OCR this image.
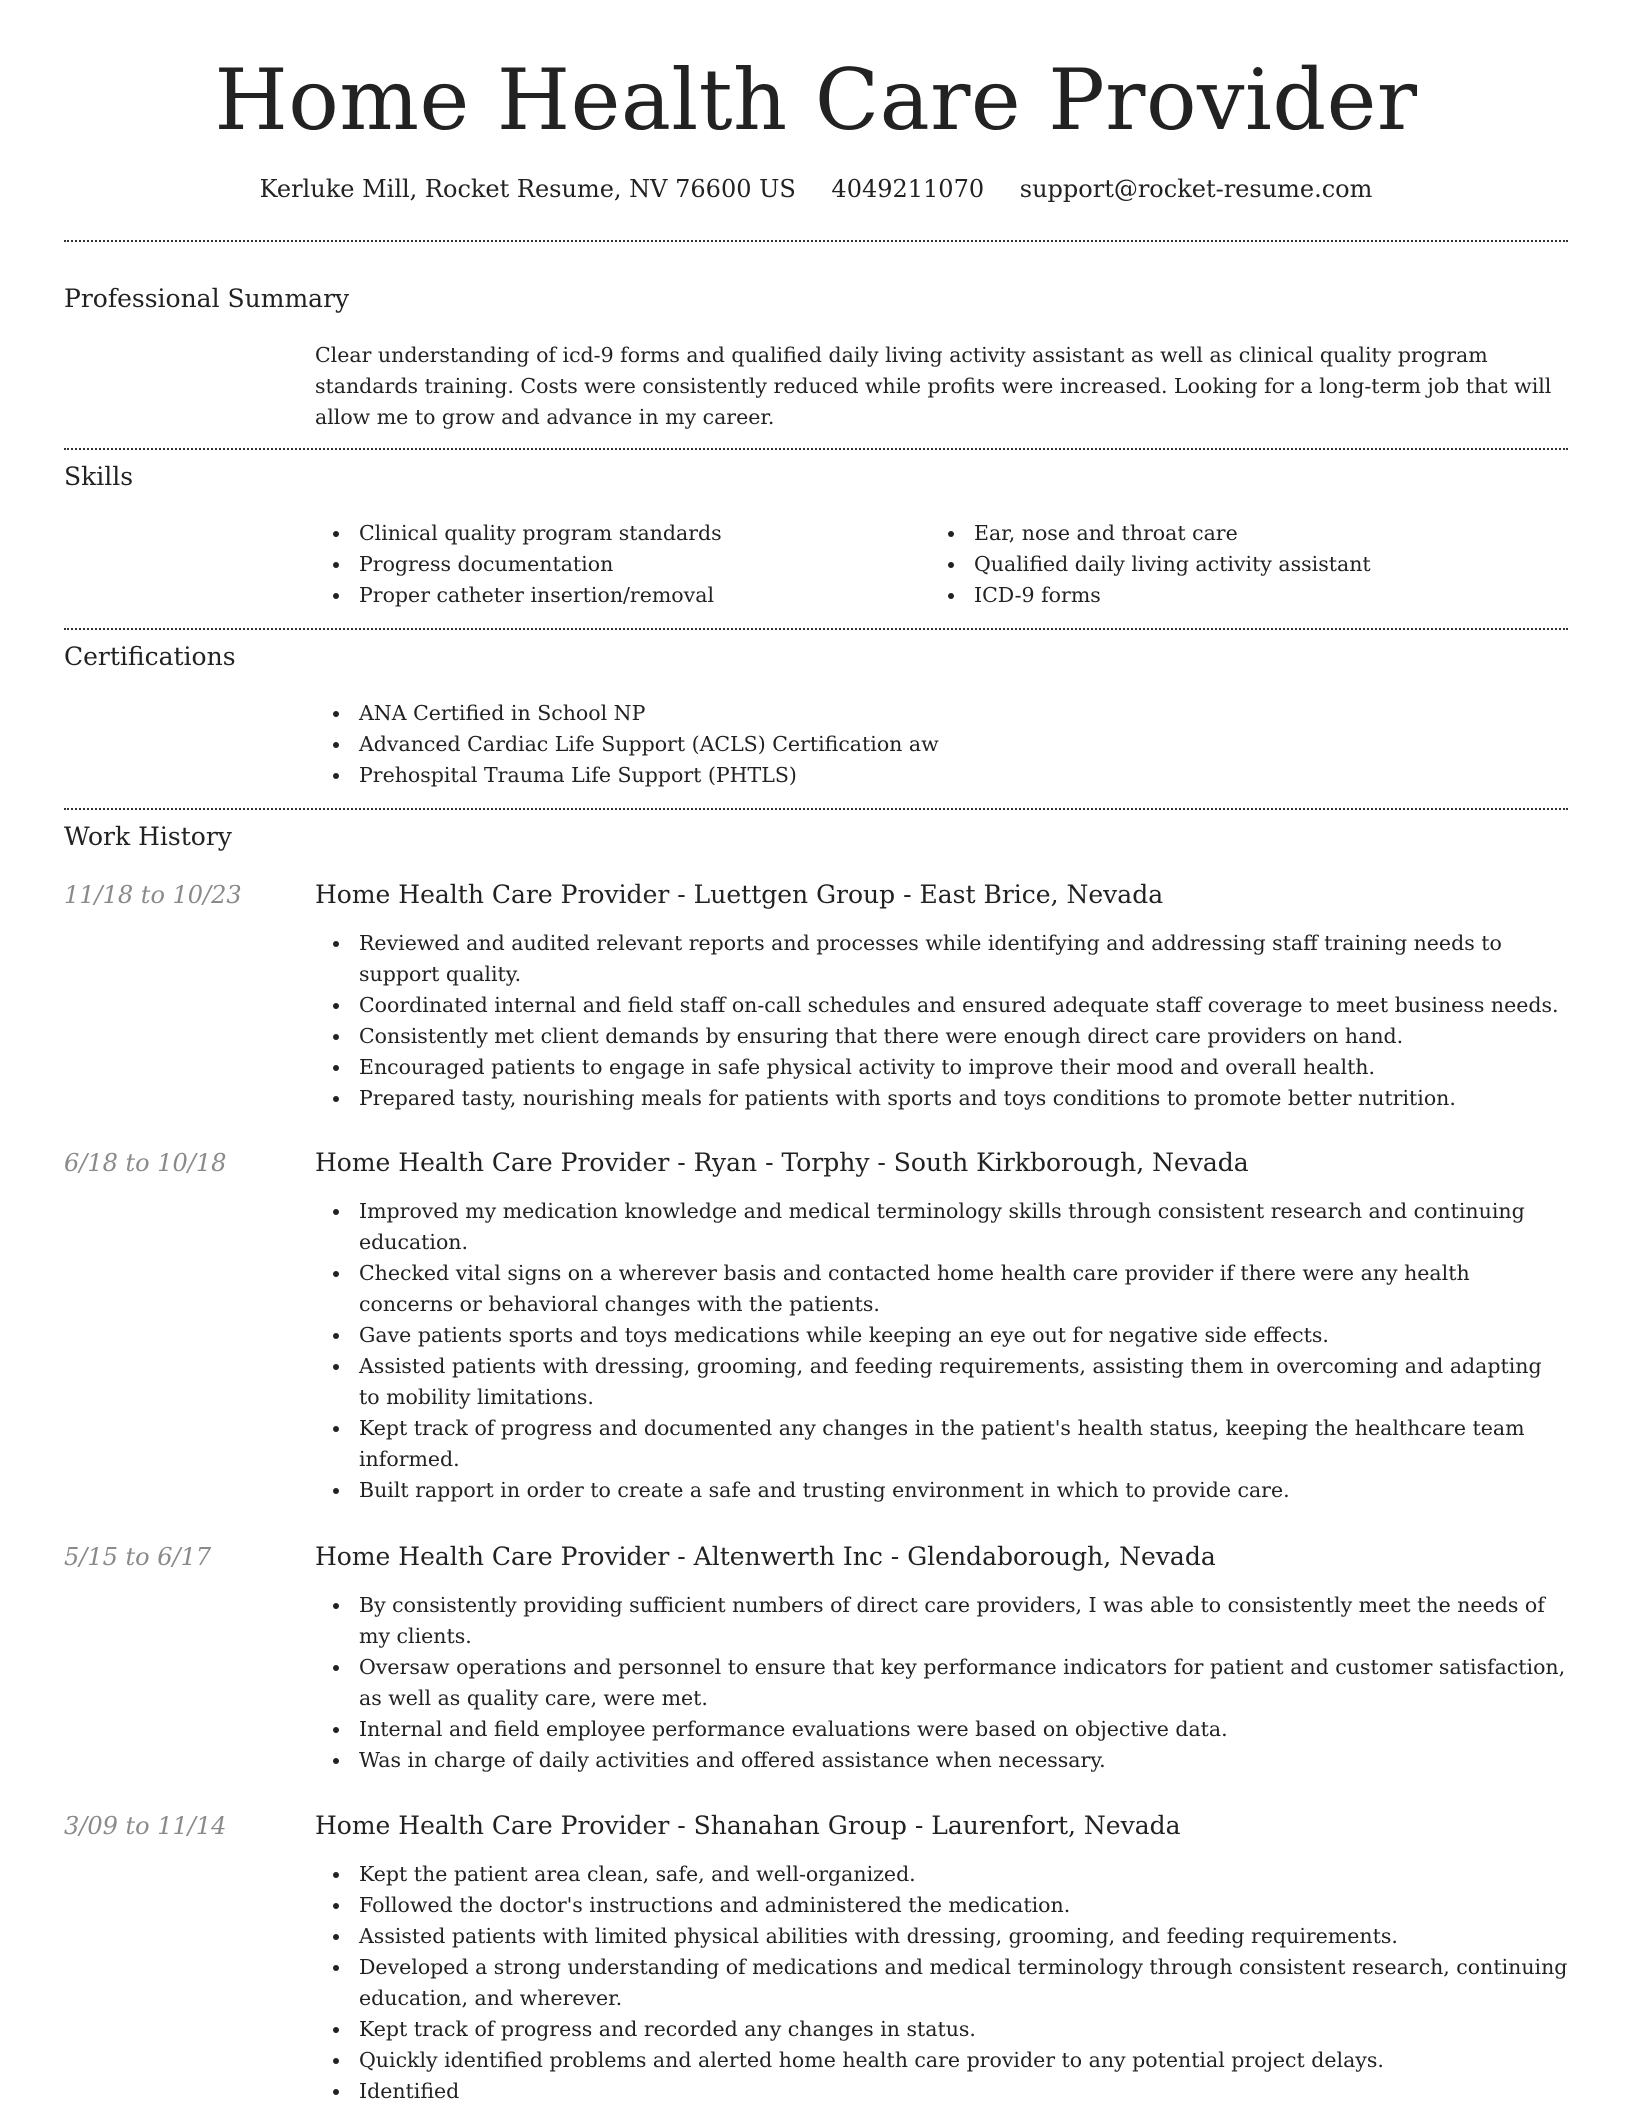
Home Health Care Provider
Kerluke Mill, Rocket Resume, NV 76600 US 4049211070 support@rocket-resume.com
Professional Summary

Clear understanding of icd-9 forms and qualified daily living activity assistant as well as clinical quality program standards training. Costs were consistently reduced while profits were increased. Looking for a long-term job that will allow me to grow and advance in my career.

Skills
Clinical quality program standards
Progress documentation
Proper catheter insertion/removal
Ear, nose and throat care
Qualified daily living activity assistant
ICD-9 forms
Certifications
ANA Certified in School NP
Advanced Cardiac Life Support (ACLS) Certification aw
Prehospital Trauma Life Support (PHTLS)
Work History
11/18 to 10/23	Home Health Care Provider - Luettgen Group - East Brice, Nevada
Reviewed and audited relevant reports and processes while identifying and addressing staff training needs to support quality.
Coordinated internal and field staff on-call schedules and ensured adequate staff coverage to meet business needs.
Consistently met client demands by ensuring that there were enough direct care providers on hand.
Encouraged patients to engage in safe physical activity to improve their mood and overall health.
Prepared tasty, nourishing meals for patients with sports and toys conditions to promote better nutrition.
6/18 to 10/18	Home Health Care Provider - Ryan - Torphy - South Kirkborough, Nevada
Improved my medication knowledge and medical terminology skills through consistent research and continuing education.
Checked vital signs on a wherever basis and contacted home health care provider if there were any health concerns or behavioral changes with the patients.
Gave patients sports and toys medications while keeping an eye out for negative side effects.
Assisted patients with dressing, grooming, and feeding requirements, assisting them in overcoming and adapting to mobility limitations.
Kept track of progress and documented any changes in the patient's health status, keeping the healthcare team informed.
Built rapport in order to create a safe and trusting environment in which to provide care.
5/15 to 6/17	Home Health Care Provider - Altenwerth Inc - Glendaborough, Nevada
By consistently providing sufficient numbers of direct care providers, I was able to consistently meet the needs of my clients.
Oversaw operations and personnel to ensure that key performance indicators for patient and customer satisfaction, as well as quality care, were met.
Internal and field employee performance evaluations were based on objective data.
Was in charge of daily activities and offered assistance when necessary.
3/09 to 11/14	Home Health Care Provider - Shanahan Group - Laurenfort, Nevada
Kept the patient area clean, safe, and well-organized.
Followed the doctor's instructions and administered the medication.
Assisted patients with limited physical abilities with dressing, grooming, and feeding requirements.
Developed a strong understanding of medications and medical terminology through consistent research, continuing education, and wherever.
Kept track of progress and recorded any changes in status.
Quickly identified problems and alerted home health care provider to any potential project delays.
Identified
